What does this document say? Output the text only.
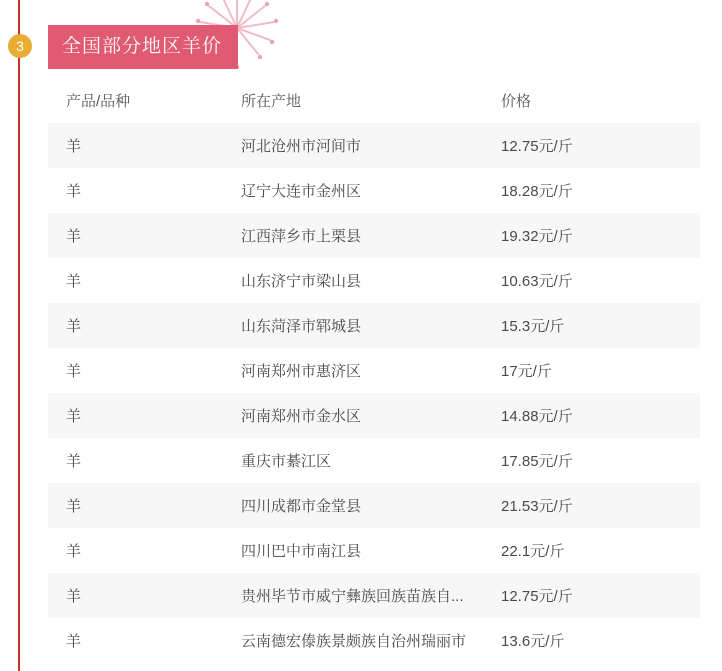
3	全国部分地区羊价
产品/品种	所在产地	价格
羊	河北沧州市河间市	12.75元/斤
羊	辽宁大连市金州区	18.28元/斤
羊	江西萍乡市上栗县	19.32元/斤
羊	山东济宁市梁山县	10.63元/斤
羊	山东菏泽市郓城县	15.3元/斤
羊	河南郑州市惠济区	17元/斤
羊	河南郑州市金水区	14.88元/斤
羊	重庆市綦江区	17.85元/斤
羊	四川成都市金堂县	21.53元/斤
羊	四川巴中市南江县	22.1元/斤
羊	贵州毕节市威宁彝族回族苗族自...	12.75元/斤
羊	云南德宏傣族景颇族自治州瑞丽市	13.6元/斤
